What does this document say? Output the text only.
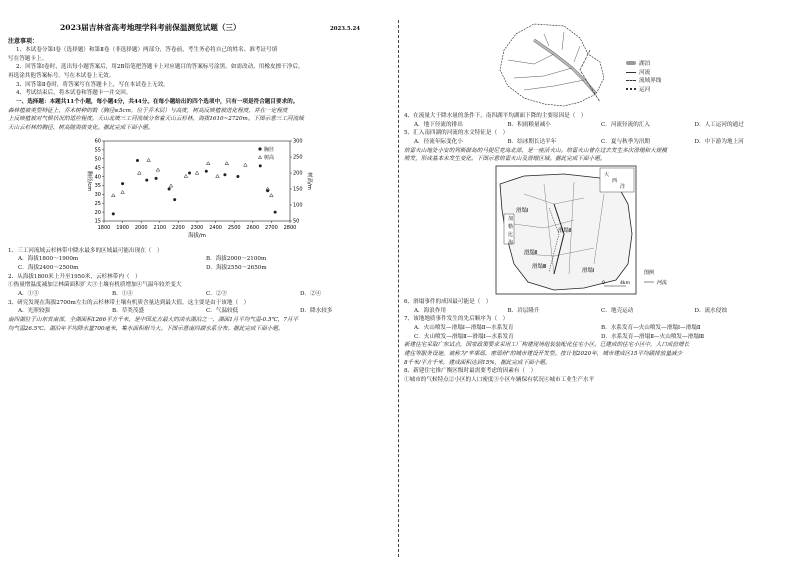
2023届吉林省高考地理学科考前保温测览试题（三）	2023.5.24
注意事项：

1、本试卷分第Ⅰ卷（选择题）和第Ⅱ卷（非选择题）两部分，答卷前，考生务必将自己的姓名、准考证号填

写在答题卡上。

2、回答第Ⅰ卷时，选出每小题答案后，用2B铅笔把答题卡上对应题目的答案标号涂黑。如需改动，用橡皮擦干净后，

再选涂其他答案标号。写在本试卷上无效。

3、回答第Ⅱ卷时，将答案写在答题卡上，写在本试卷上无效。

4、考试结束后，将本试卷和答题卡一并交回。

一、选择题：本题共11个小题，每小题4分，共44分。在每小题给出的四个选项中，只有一项是符合题目要求的。

森林植被类型特征上，乔木树种的数（胸径≥5cm，位于乔木层）与高度，树高反映植被进化程度，并在一定程度

上反映植被对气候状况的适应程度。天山北坡三工河流域分布着天山云杉林，海拔1610~2720m。下图示意三工河流域

天山云杉林的胸径、树高随海拔变化。据此完成下面小题。

1800 1900 2000 2100 2200 2300 2400 2500 2600 2700 2800
15
20
25
30
35
40
45
50
55
60
50
100
150
200
250
300
海拔/m
胸径/cm	树高/m
胸径
树高

1、三工河流域云杉林带中降水最多的区域最可能出现在（　）

A．海拔1800～1900m	B．海拔2000～2100m
C．海拔2400～2500m	D．海拔2550～2650m

2、从海拔1800米上升至1950米，云杉林带内（　）

①热量增温度减加②林菌面积扩大③土壤有机质增加④气温年较差变大

A．①③	B．①④	C．②③	D．②④

3、研究发现在海拔2700m左右的云杉林带土壤有机质含量达到最大值。这主要是由于该地（　）

A．光照较强	B．草类茂盛	C．气温较低	D．降水较多

南四湖位于山东省南部，全湖面积1266平方千米，是中国北方最大的淡水湖泊之一，湖面1月平均气温-0.5℃，7月平

均气温26.5℃。湖泊年平均降水量700毫米，集水面积相当大。下图示意南四湖水系分布。据此完成下面小题。

湖泊
河流
流域界线
运河

4、在流量大于降水量的条件下，南四湖平均湖面下降的主要原因是（　）

A．地下径流的排出	B．积雨粮量减小	C．河流径流的汇入	D．人工运河的通过

5、汇入南四湖的河流的水文特征是（　）

A．径流年际变化小	B．结冰期长达半年	C．夏与秋季为汛期	D．中下游为地上河

培雷火山地处小安的列斯群岛的马提尼克岛北部，是一座活火山。培雷火山曾在过去发生多次滑塌和大规模

喷发，形成基本未发生变化。下图示意培雷火山及滑塌区域。据此完成下面小题。

加
勒
比
海
大
西
洋
滑塌Ⅰ
滑塌Ⅱ
滑塌Ⅱ
滑塌Ⅲ
滑塌Ⅰ
0	4km
图例
河流

6、滑塌事件的成因最可能是（　）

A．海浪作用	B．岩层隆升	C．地壳运动	D．流水侵蚀

7、该地地质事件发生的先后顺序为（　）

A．火山喷发—滑塌Ⅰ—滑塌Ⅱ—水系发育	B．水系发育—火山喷发—滑塌Ⅰ—滑塌Ⅱ
C．火山喷发—滑塌Ⅱ—滑塌Ⅰ—水系发育	D．水系发育—滑塌Ⅱ—火山喷发—滑塌Ⅲ

新建住宅采取广东试点，国家政策要求采用工厂构建现场组装装配化住宅小区。已建成的住宅小区中，人口成倍增长

建住等服务设施，被称为"苹果瑶、密瑶州"的城市建设开发型。按计划2020年，城市建成区15平均碳排放量减少

8千米/平方千米，建成面积达到15%，据此完成下面小题。

8、新建住宅推广衡区级时最需要考虑的因素有（　）

①城市的气候特点②小区的人口密度③小区车辆保有状况④城市工业生产水平
